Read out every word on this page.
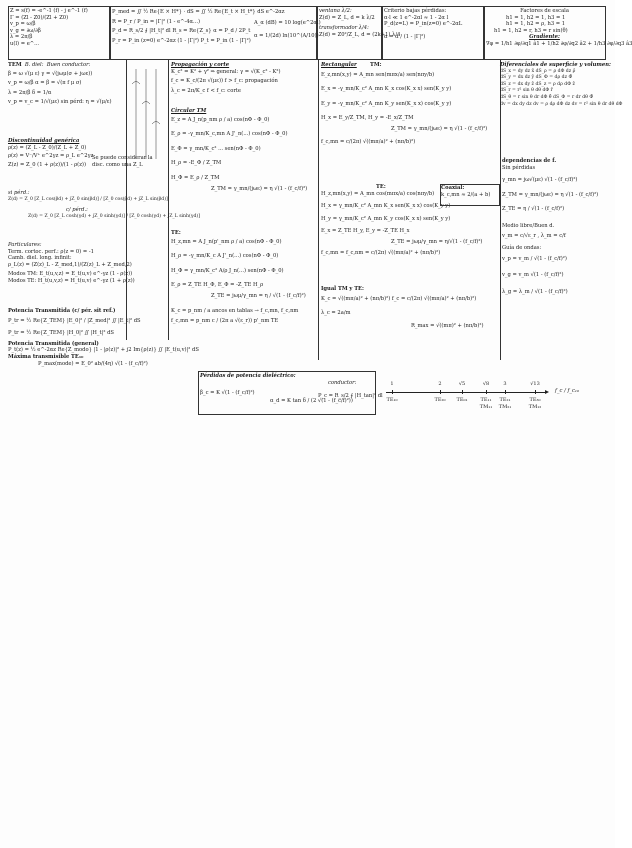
Z = s(f) = -e^-1 (f) - j e^-1 (f)
Γ = (Zl - Z0)/(Zl + Z0)
v_p = ω/β
v_g = ∂ω/∂β
λ = 2π/β
u(l) = e^...
P_med = ∬ ½ Re{E × H*} · dS = ∬ ½ Re{E_t × H_t*} dS e^-2αz
R = P_r / P_in = |Γ|² (1 - e^-4α...)
P_d = R_s/2 ∮ |H_t|² dl R_s = Re{Z_s} α = P_d / 2P_t
P_r = P_in (z=0) e^-2αz (1 - |Γ|²) P_t = P_in (1 - |Γ|²)
A_α (dB) = 10 log(e^2αl)
α = 1/(2d) ln(10^(A/10))
ventana λ/2:
Z(d) = Z_L, d = k λ/2
transformador λ/4:
Z(d) = Z0²/Z_L, d = (2k+1) λ/4
Criterio bajas pérdidas:
α·l ≪ 1 e^-2αl ≈ 1 - 2α l
P_d(z=L) = P_in(z=0) e^-2αL
α = α / (1 - |Γ|²)
Factores de escala
h1 = 1, h2 = 1, h3 = 1
h1 = 1, h2 = ρ, h3 = 1
h1 = 1, h2 = r, h3 = r sin(θ)
Gradiente:
∇φ = 1/h1 ∂φ/∂q1 â1 + 1/h2 ∂φ/∂q2 â2 + 1/h3 ∂φ/∂q3 â3
TEM B. diel: Buen conductor:
β = ω √(μ ε) γ = √(jωμ(σ + jωε))
v_p = ω/β α = β = √(π f μ σ)
λ = 2π/β δ = 1/α
v_p = v_c = 1/√(με) sin pérd: η = √(μ/ε)
Discontinuidad genérica
ρ(z) = (Z_L - Z_0)/(Z_L + Z_0)
ρ(z) = V⁻/V⁺ e^2γz = ρ_L e^2γz
Z(z) = Z_0 (1 + ρ(z))/(1 - ρ(z))
Se puede considerar la
disc. como una Z_L
si pérd.:
Z(d) = Z_0 [Z_L cos(βd) + jZ_0 sin(βd)] / [Z_0 cos(βd) + jZ_L sin(βd)]
c/ pérd.:
Z(d) = Z_0 [Z_L cosh(γd) + jZ_0 sinh(γd)] / [Z_0 cosh(γd) + jZ_L sinh(γd)]
Particulares:
Term. cortoc. perf.: ρ(z = 0) = -1
Camb. diel. long. infinit:
ρ_L(z) = (Z(z)_L - Z_med,1)/(Z(z)_L + Z_med,2)
Modos TM: E_t(u,v,z) = E_t(u,v) e^-γz (1 - ρ(z))
Modos TE: H_t(u,v,z) = H_t(u,v) e^-γz (1 + ρ(z))
Potencia Transmitida (c/ pér. sit ref.)
P_tr = ½ Re{Z_TEM} |E_0|² / |Z_med|² ∬ |E_t|² dS
P_tr = ½ Re{Z_TEM} |H_0|² ∬ |H_t|² dS
Potencia Transmitida (general)
P_t(z) = ½ e^-2αz Re{Z_modo} |1 - |ρ(z)|² + j2 Im{ρ(z)} ∬ |E_t(u,v)|² dS
Máxima transmisible TE₁₀
P_max(mode) = E_0² ab/(4η) √(1 - (f_c/f)²)
Propagación y corte
K_c² = K² + γ² ⇒ general: γ = √(K_c² - K²)
f_c = K_c/(2π √(με)) f > f_c: propagación
λ_c = 2π/K_c f < f_c: corte
Circular TM
E_z = A J_n(p_nm ρ / a) cos(nΦ - Φ_0)
E_ρ = -γ_mn/K_c,mn A J'_n(...) cos(nΦ - Φ_0)
E_Φ = γ_mn/K_c² ... sen(nΦ - Φ_0)
H_ρ = -E_Φ / Z_TM
H_Φ = E_ρ / Z_TM
Z_TM = γ_mn/(jωε) = η √(1 - (f_c/f)²)
TE:
H_z,mn = A J_n(p'_nm ρ / a) cos(nΦ - Φ_0)
H_ρ = -γ_mn/K_c A J'_n(...) cos(nΦ - Φ_0)
H_Φ = γ_mn/K_c² A/ρ J_n(...) sen(nΦ - Φ_0)
E_ρ = Z_TE H_Φ, E_Φ = -Z_TE H_ρ
Z_TE = jωμ/γ_mn = η / √(1 - (f_c/f)²)
K_c = p_nm / a ancos en tablas → f_c,mn, f_c,nm
f_c,mn = p_nm c / (2π a √(ε_r)) p'_nm TE
Rectangular	TM:
E_z,mn(x,y) = A_mn sen(mπx/a) sen(nπy/b)
E_x = -γ_mn/K_c² A_mn K_x cos(K_x x) sen(K_y y)
E_y = -γ_mn/K_c² A_mn K_y sen(K_x x) cos(K_y y)
H_x = E_y/Z_TM, H_y = -E_x/Z_TM
Z_TM = γ_mn/(jωε) = η √(1 - (f_c/f)²)
f_c,mn = c/(2π) √((mπ/a)² + (nπ/b)²)
TE:
H_z,mn(x,y) = A_mn cos(mπx/a) cos(nπy/b)
H_x = γ_mn/K_c² A_mn K_x sen(K_x x) cos(K_y y)
H_y = γ_mn/K_c² A_mn K_y cos(K_x x) sen(K_y y)
E_x = Z_TE H_y, E_y = -Z_TE H_x
Z_TE = jωμ/γ_mn = η/√(1 - (f_c/f)²)
f_c,mn = f_c,nm = c/(2π) √((mπ/a)² + (nπ/b)²)
Coaxial:
k_c,mn ≈ 2/(a + b)
Igual TM y TE:
K_c = √((mπ/a)² + (nπ/b)²) f_c = c/(2π) √((mπ/a)² + (nπ/b)²)
λ_c = 2a/m
R_max = √((mπ)² + (nπ/b)²)
Diferenciales de superficie y volumen:
dS_x = dy dz x̂ dS_ρ = ρ dΦ dz ρ̂
dS_y = dx dz ŷ dS_Φ = dρ dz Φ̂
dS_z = dx dy ẑ dS_z = ρ dρ dΦ ẑ
dS_r = r² sin θ dθ dΦ r̂
dS_θ = r sin θ dr dΦ θ̂ dS_Φ = r dr dθ Φ̂
dv = dx dy dz dv = ρ dρ dΦ dz dv = r² sin θ dr dθ dΦ
dependencias de f.
Sin pérdidas
γ_mn = jω√(με) √(1 - (f_c/f)²)
Z_TM = γ_mn/(jωε) = η √(1 - (f_c/f)²)
Z_TE = η / √(1 - (f_c/f)²)
Medio libre/Buen d.
v_m = c/√ε_r , λ_m = c/f
Guía de ondas:
v_p = v_m / √(1 - (f_c/f)²)
v_g = v_m √(1 - (f_c/f)²)
λ_g = λ_m / √(1 - (f_c/f)²)
Pérdidas de potencia dieléctrico:
β_c = K √(1 - (f_c/f)²)
α_d = K tan δ / (2 √(1 - (f_c/f)²))
conductor:
P_c = R_s/2 ∮ |H_tan|² dl
1	2	√5	√8	3	√13
TE₁₀	TE₂₀	TE₀₁	TE₁₁	TE₂₁	TE₃₀
TM₁₁	TM₂₁	TM₁₂
f_c / f_c₁₀
